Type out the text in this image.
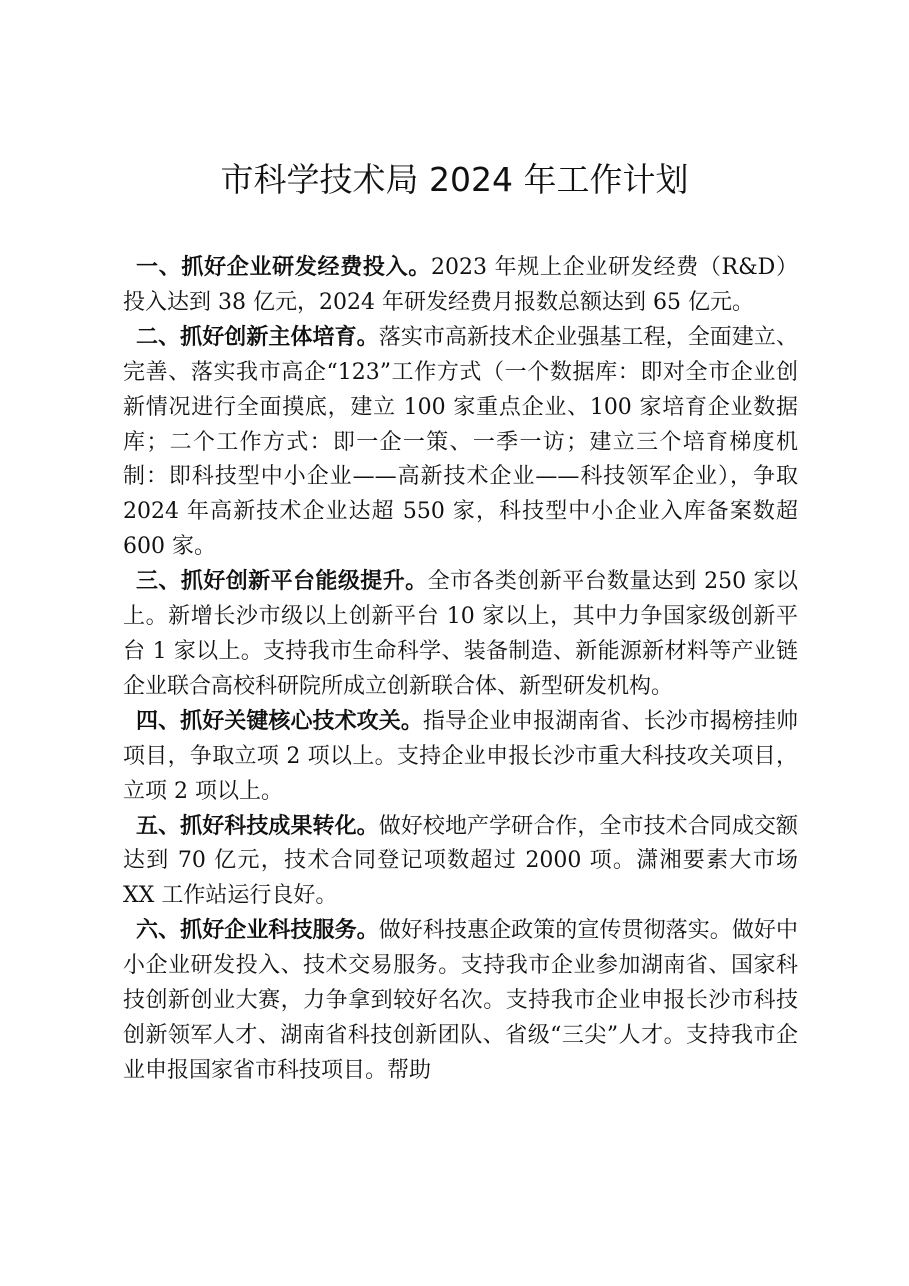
市科学技术局 2024 年工作计划

一、抓好企业研发经费投入。2023 年规上企业研发经费（R&D）投入达到 38 亿元，2024 年研发经费月报数总额达到 65 亿元。

二、抓好创新主体培育。落实市高新技术企业强基工程，全面建立、完善、落实我市高企“123”工作方式（一个数据库：即对全市企业创新情况进行全面摸底，建立 100 家重点企业、100 家培育企业数据库；二个工作方式：即一企一策、一季一访；建立三个培育梯度机制：即科技型中小企业——高新技术企业——科技领军企业），争取 2024 年高新技术企业达超 550 家，科技型中小企业入库备案数超 600 家。

三、抓好创新平台能级提升。全市各类创新平台数量达到 250 家以上。新增长沙市级以上创新平台 10 家以上，其中力争国家级创新平台 1 家以上。支持我市生命科学、装备制造、新能源新材料等产业链企业联合高校科研院所成立创新联合体、新型研发机构。

四、抓好关键核心技术攻关。指导企业申报湖南省、长沙市揭榜挂帅项目，争取立项 2 项以上。支持企业申报长沙市重大科技攻关项目，立项 2 项以上。

五、抓好科技成果转化。做好校地产学研合作，全市技术合同成交额达到 70 亿元，技术合同登记项数超过 2000 项。潇湘要素大市场 XX 工作站运行良好。

六、抓好企业科技服务。做好科技惠企政策的宣传贯彻落实。做好中小企业研发投入、技术交易服务。支持我市企业参加湖南省、国家科技创新创业大赛，力争拿到较好名次。支持我市企业申报长沙市科技创新领军人才、湖南省科技创新团队、省级“三尖”人才。支持我市企业申报国家省市科技项目。帮助
